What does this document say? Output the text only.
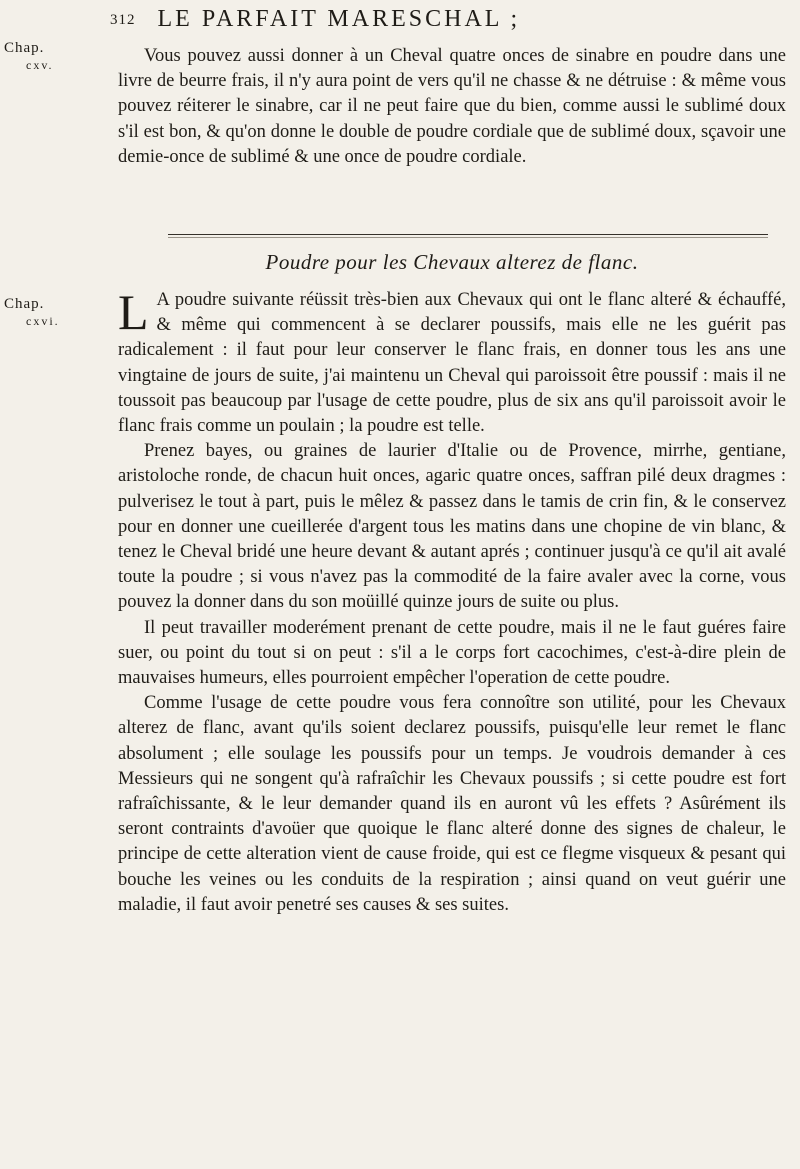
312 LE PARFAIT MARESCHAL ;
Chap.
cxv.	Vous pouvez aussi donner à un Cheval quatre onces de sinabre en poudre dans une livre de beurre frais, il n'y aura point de vers qu'il ne chasse & ne détruise : & même vous pouvez réiterer le sinabre, car il ne peut faire que du bien, comme aussi le sublimé doux s'il est bon, & qu'on donne le double de poudre cordiale que de sublimé doux, sçavoir une demie-once de sublimé & une once de poudre cordiale.

Poudre pour les Chevaux alterez de flanc.
Chap.
cxvi.	L A poudre suivante réüssit très-bien aux Chevaux qui ont le flanc alteré & échauffé, & même qui commencent à se declarer poussifs, mais elle ne les guérit pas radicalement : il faut pour leur conserver le flanc frais, en donner tous les ans une vingtaine de jours de suite, j'ai maintenu un Cheval qui paroissoit être poussif : mais il ne toussoit pas beaucoup par l'usage de cette poudre, plus de six ans qu'il paroissoit avoir le flanc frais comme un poulain ; la poudre est telle.

Prenez bayes, ou graines de laurier d'Italie ou de Provence, mirrhe, gentiane, aristoloche ronde, de chacun huit onces, agaric quatre onces, saffran pilé deux dragmes : pulverisez le tout à part, puis le mêlez & passez dans le tamis de crin fin, & le conservez pour en donner une cueillerée d'argent tous les matins dans une chopine de vin blanc, & tenez le Cheval bridé une heure devant & autant aprés ; continuer jusqu'à ce qu'il ait avalé toute la poudre ; si vous n'avez pas la commodité de la faire avaler avec la corne, vous pouvez la donner dans du son moüillé quinze jours de suite ou plus.

Il peut travailler moderément prenant de cette poudre, mais il ne le faut guéres faire suer, ou point du tout si on peut : s'il a le corps fort cacochimes, c'est-à-dire plein de mauvaises humeurs, elles pourroient empêcher l'operation de cette poudre.

Comme l'usage de cette poudre vous fera connoître son utilité, pour les Chevaux alterez de flanc, avant qu'ils soient declarez poussifs, puisqu'elle leur remet le flanc absolument ; elle soulage les poussifs pour un temps. Je voudrois demander à ces Messieurs qui ne songent qu'à rafraîchir les Chevaux poussifs ; si cette poudre est fort rafraîchissante, & le leur demander quand ils en auront vû les effets ? Asûrément ils seront contraints d'avoüer que quoique le flanc alteré donne des signes de chaleur, le principe de cette alteration vient de cause froide, qui est ce flegme visqueux & pesant qui bouche les veines ou les conduits de la respiration ; ainsi quand on veut guérir une maladie, il faut avoir penetré ses causes & ses suites.
